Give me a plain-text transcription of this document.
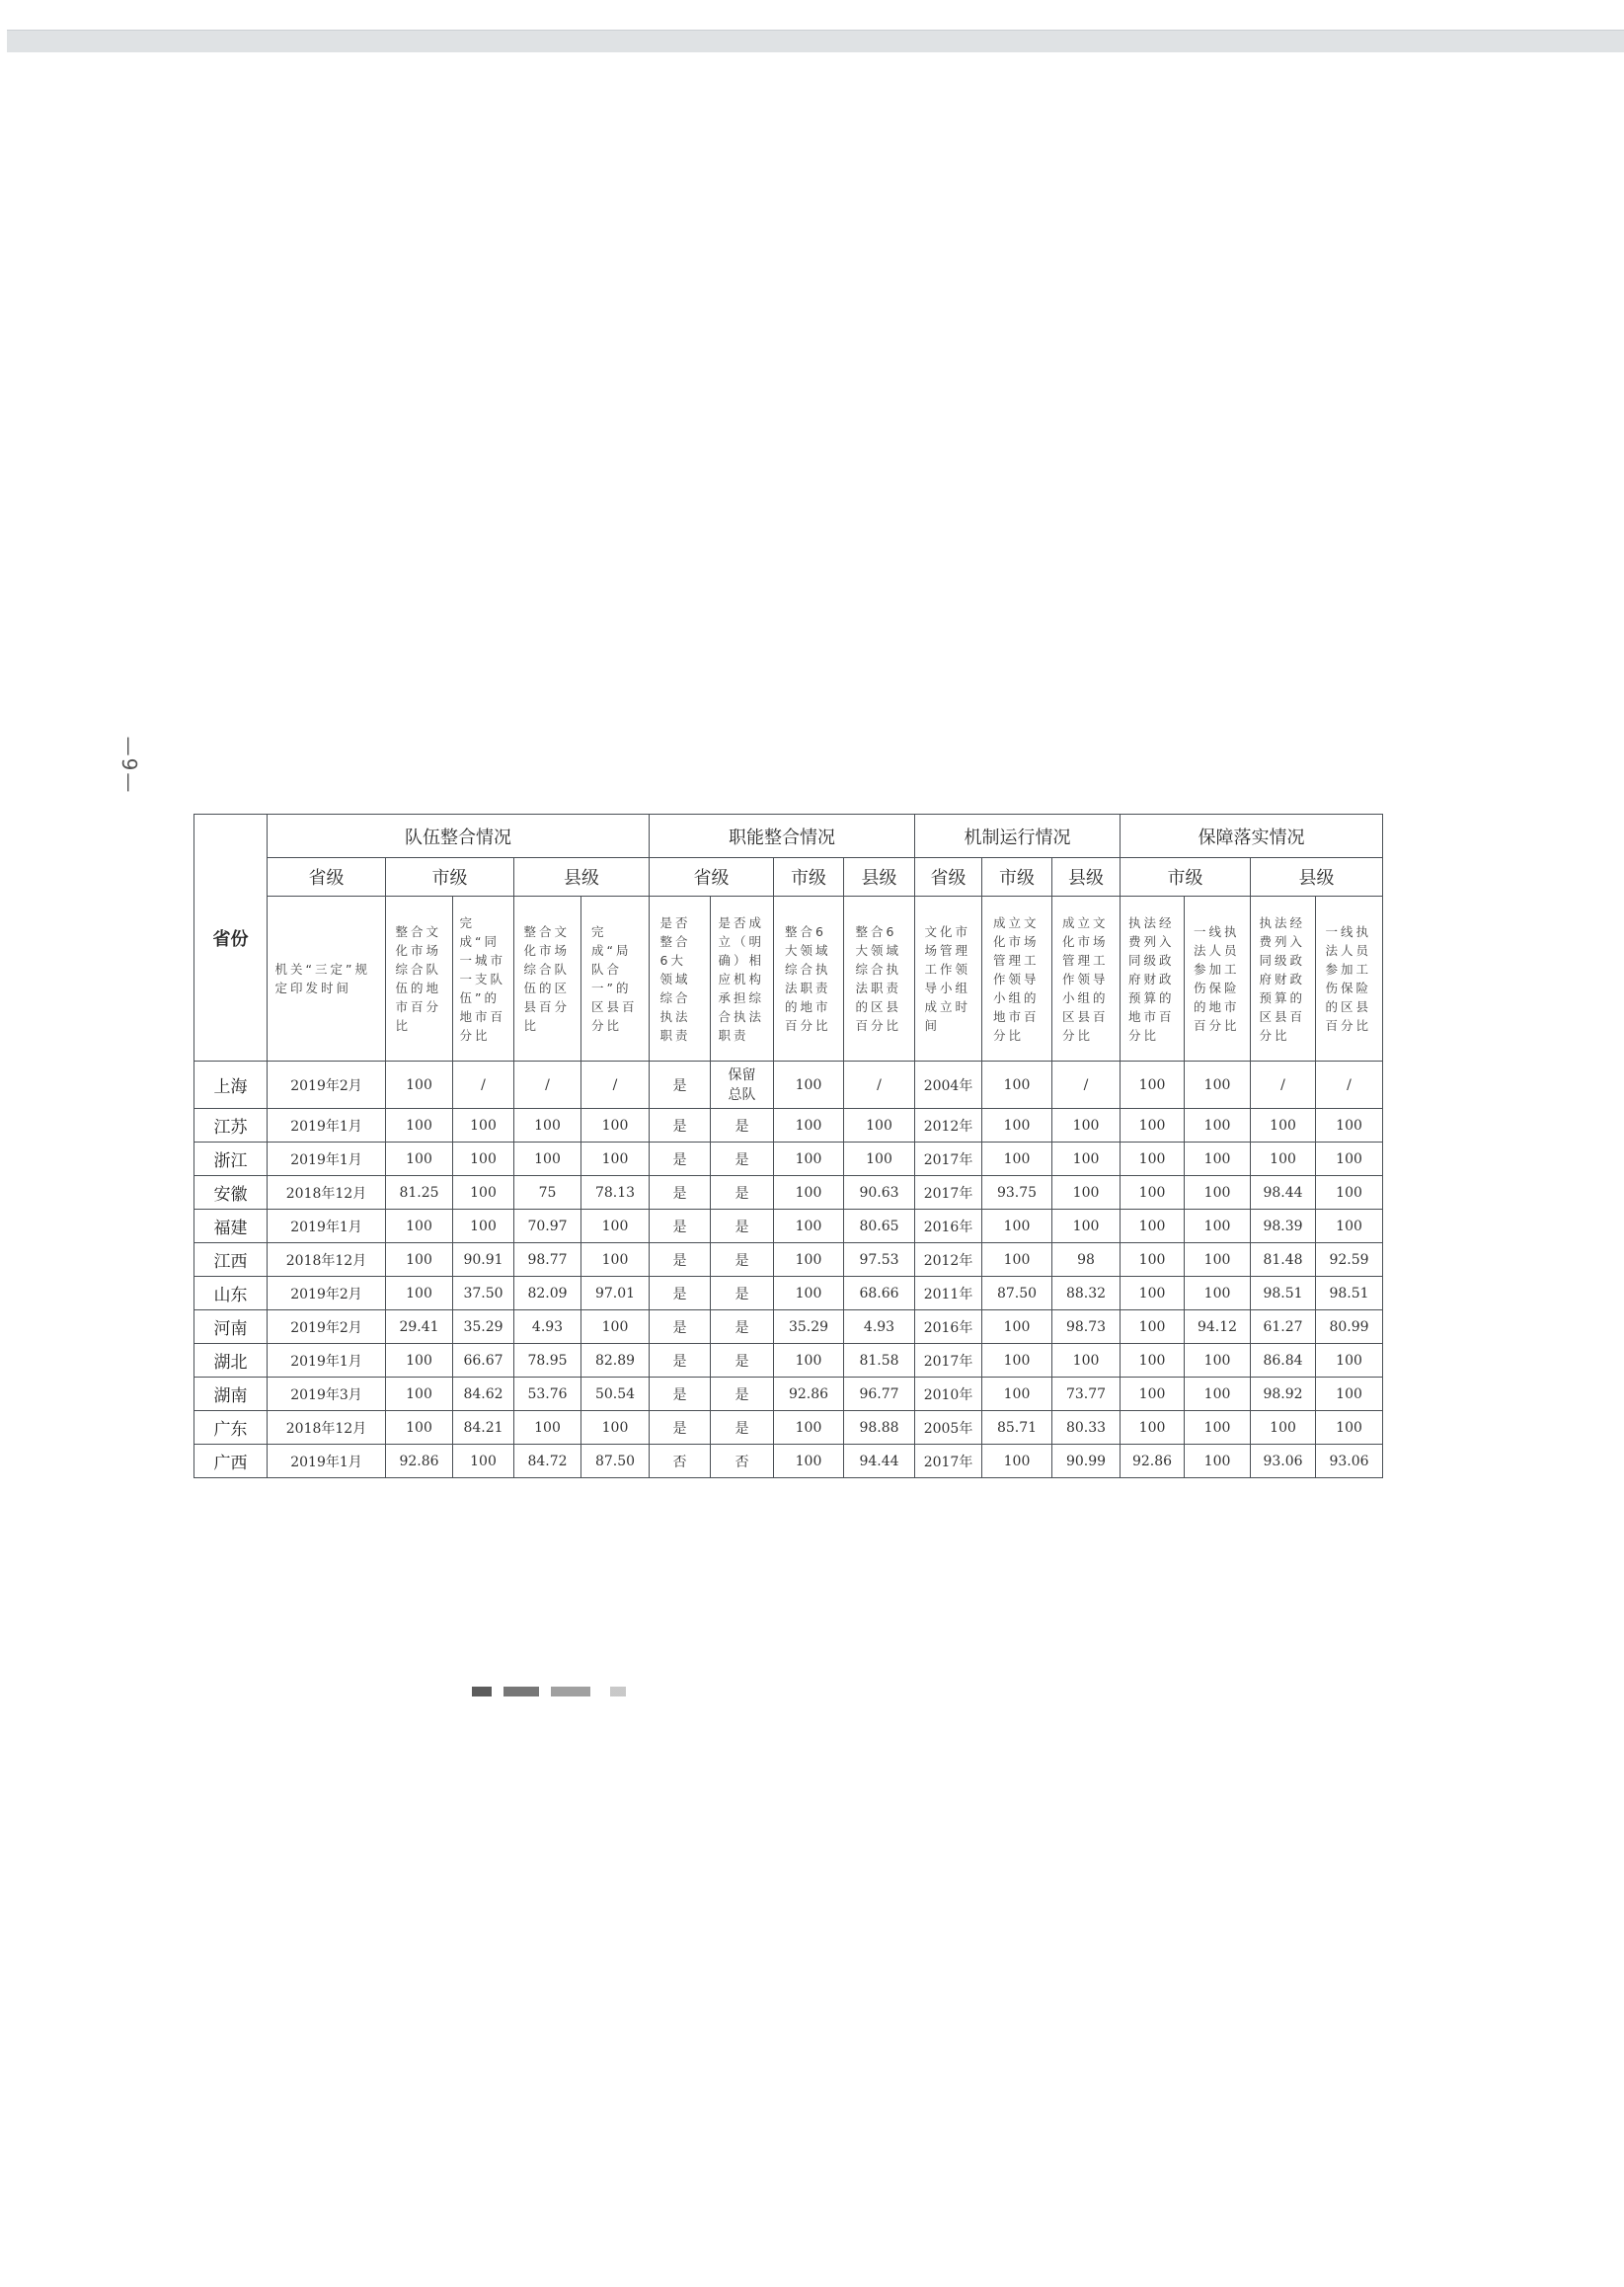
—9—
省份	队伍整合情况					职能整合情况				机制运行情况			保障落实情况			
	省级	市级		县级		省级		市级	县级	省级	市级	县级	市级		县级	
	机关“三定”规定印发时间	整合文化市场综合队伍的地市百分比	完成“同一城市一支队伍”的地市百分比	整合文化市场综合队伍的区县百分比	完成“局队合一”的区县百分比	是否整合6大领域综合执法职责	是否成立（明确）相应机构承担综合执法职责	整合6大领域综合执法职责的地市百分比	整合6大领域综合执法职责的区县百分比	文化市场管理工作领导小组成立时间	成立文化市场管理工作领导小组的地市百分比	成立文化市场管理工作领导小组的区县百分比	执法经费列入同级政府财政预算的地市百分比	一线执法人员参加工伤保险的地市百分比	执法经费列入同级政府财政预算的区县百分比	一线执法人员参加工伤保险的区县百分比
上海	2019年2月	100	/	/	/	是	保留总队	100	/	2004年	100	/	100	100	/	/
江苏	2019年1月	100	100	100	100	是	是	100	100	2012年	100	100	100	100	100	100
浙江	2019年1月	100	100	100	100	是	是	100	100	2017年	100	100	100	100	100	100
安徽	2018年12月	81.25	100	75	78.13	是	是	100	90.63	2017年	93.75	100	100	100	98.44	100
福建	2019年1月	100	100	70.97	100	是	是	100	80.65	2016年	100	100	100	100	98.39	100
江西	2018年12月	100	90.91	98.77	100	是	是	100	97.53	2012年	100	98	100	100	81.48	92.59
山东	2019年2月	100	37.50	82.09	97.01	是	是	100	68.66	2011年	87.50	88.32	100	100	98.51	98.51
河南	2019年2月	29.41	35.29	4.93	100	是	是	35.29	4.93	2016年	100	98.73	100	94.12	61.27	80.99
湖北	2019年1月	100	66.67	78.95	82.89	是	是	100	81.58	2017年	100	100	100	100	86.84	100
湖南	2019年3月	100	84.62	53.76	50.54	是	是	92.86	96.77	2010年	100	73.77	100	100	98.92	100
广东	2018年12月	100	84.21	100	100	是	是	100	98.88	2005年	85.71	80.33	100	100	100	100
广西	2019年1月	92.86	100	84.72	87.50	否	否	100	94.44	2017年	100	90.99	92.86	100	93.06	93.06
